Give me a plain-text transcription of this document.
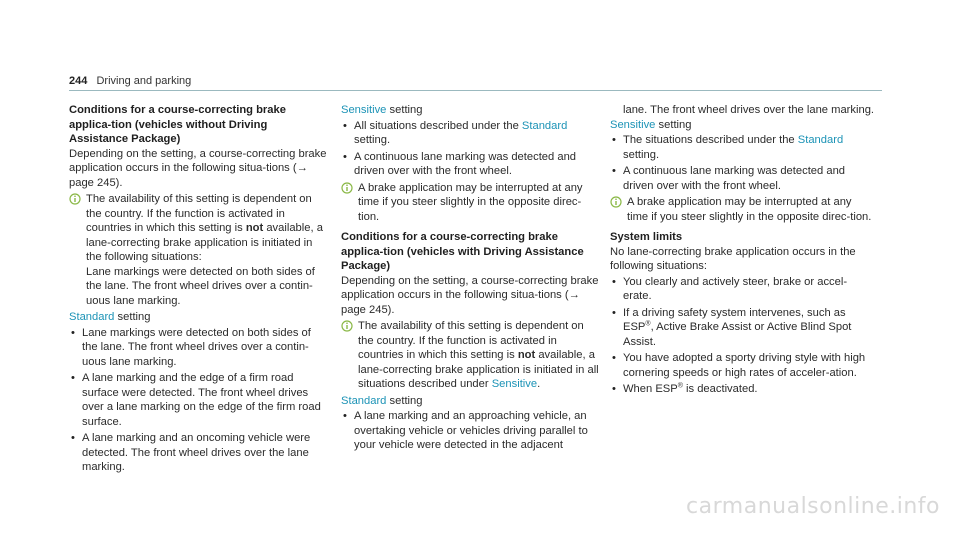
244 Driving and parking

Conditions for a course-correcting brake applica-tion (vehicles without Driving Assistance Package)

Depending on the setting, a course-correcting brake application occurs in the following situa-tions (→ page 245).

The availability of this setting is dependent on the country. If the function is activated in countries in which this setting is not available, a lane-correcting brake application is initiated in the following situations:
Lane markings were detected on both sides of the lane. The front wheel drives over a contin-uous lane marking.

Standard setting

• Lane markings were detected on both sides of the lane. The front wheel drives over a contin-uous lane marking.
• A lane marking and the edge of a firm road surface were detected. The front wheel drives over a lane marking on the edge of the firm road surface.
• A lane marking and an oncoming vehicle were detected. The front wheel drives over the lane marking.

Sensitive setting

• All situations described under the Standard setting.
• A continuous lane marking was detected and driven over with the front wheel.
A brake application may be interrupted at any time if you steer slightly in the opposite direc-tion.

Conditions for a course-correcting brake applica-tion (vehicles with Driving Assistance Package)

Depending on the setting, a course-correcting brake application occurs in the following situa-tions (→ page 245).

The availability of this setting is dependent on the country. If the function is activated in countries in which this setting is not available, a lane-correcting brake application is initiated in all situations described under Sensitive.

Standard setting

• A lane marking and an approaching vehicle, an overtaking vehicle or vehicles driving parallel to your vehicle were detected in the adjacent
lane. The front wheel drives over the lane marking.

Sensitive setting

• The situations described under the Standard setting.
• A continuous lane marking was detected and driven over with the front wheel.
A brake application may be interrupted at any time if you steer slightly in the opposite direc-tion.

System limits

No lane-correcting brake application occurs in the following situations:

• You clearly and actively steer, brake or accel-erate.
• If a driving safety system intervenes, such as ESP®, Active Brake Assist or Active Blind Spot Assist.
• You have adopted a sporty driving style with high cornering speeds or high rates of acceler-ation.
• When ESP® is deactivated.
carmanualsonline.info
